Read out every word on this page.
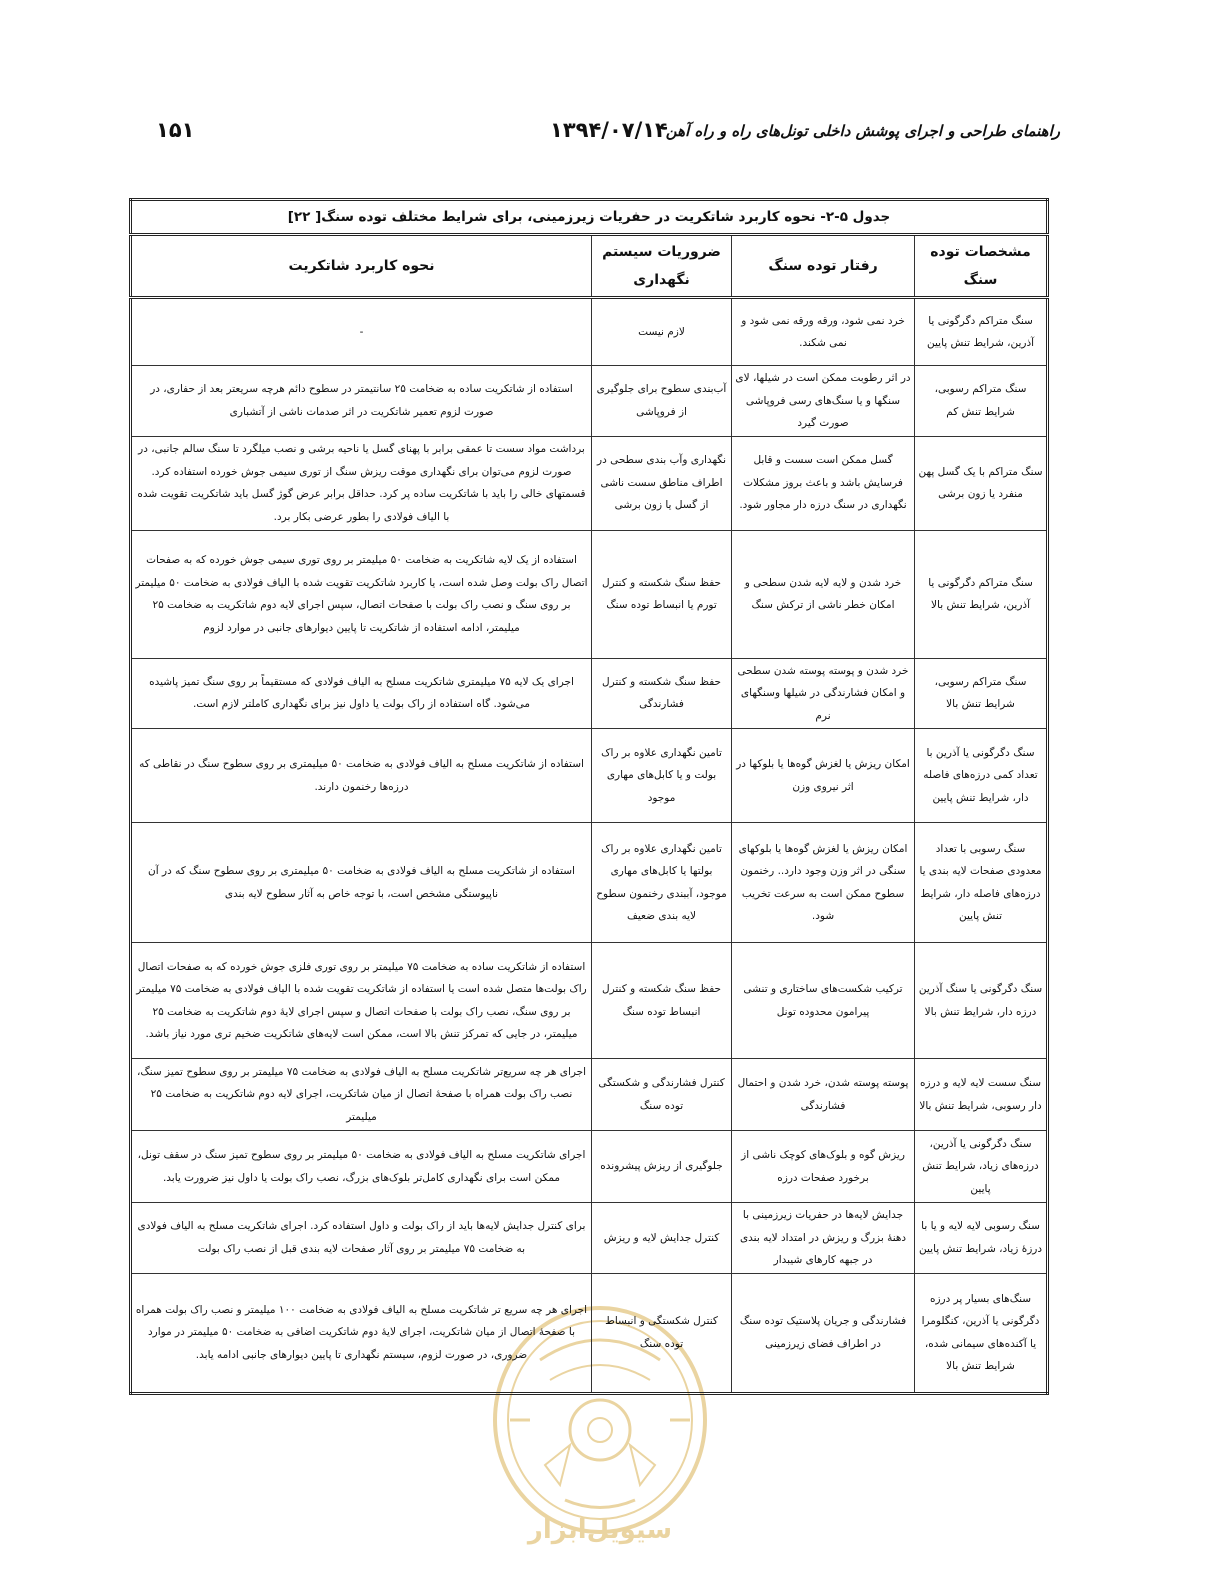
راهنمای طراحی و اجرای پوشش داخلی تونل‌های راه و راه آهن
۱۳۹۴/۰۷/۱۴
۱۵۱
سیویل‌ابزار
جدول ۵-۲- نحوه کاربرد شاتکریت در حفریات زیرزمینی، برای شرایط مختلف توده سنگ[ ۲۲]			
مشخصات توده سنگ	رفتار توده سنگ	ضروریات سیستم نگهداری	نحوه کاربرد شاتکریت
سنگ متراکم دگرگونی یا آذرین، شرایط تنش پایین	خرد نمی شود، ورقه ورقه نمی شود و نمی شکند.	لازم نیست	-
سنگ متراکم رسوبی، شرایط تنش کم	در اثر رطوبت ممکن است در شیلها، لای سنگها و یا سنگ‌های رسی فروپاشی صورت گیرد	آب‌بندی سطوح برای جلوگیری از فروپاشی	استفاده از شاتکریت ساده به ضخامت ۲۵ سانتیمتر در سطوح دائم هرچه سریعتر بعد از حفاری، در صورت لزوم تعمیر شاتکریت در اثر صدمات ناشی از آتشباری
سنگ متراکم با یک گسل پهن منفرد یا زون برشی	گسل ممکن است سست و قابل فرسایش باشد و باعث بروز مشکلات نگهداری در سنگ درزه دار مجاور شود.	نگهداری وآب بندی سطحی در اطراف مناطق سست ناشی از گسل یا زون برشی	برداشت مواد سست تا عمقی برابر با پهنای گسل یا ناحیه برشی و نصب میلگرد تا سنگ سالم جانبی، در صورت لزوم می‌توان برای نگهداری موقت ریزش سنگ از توری سیمی جوش خورده استفاده کرد. قسمتهای خالی را باید با شاتکریت ساده پر کرد. حداقل برابر عرض گوژ گسل باید شاتکریت تقویت شده با الیاف فولادی را بطور عرضی بکار برد.
سنگ متراکم دگرگونی یا آذرین، شرایط تنش بالا	خرد شدن و لایه لایه شدن سطحی و امکان خطر ناشی از ترکش سنگ	حفظ سنگ شکسته و کنترل تورم یا انبساط توده سنگ	استفاده از یک لایه شاتکریت به ضخامت ۵۰ میلیمتر بر روی توری سیمی جوش خورده که به صفحات اتصال راک بولت وصل شده است، یا کاربرد شاتکریت تقویت شده با الیاف فولادی به ضخامت ۵۰ میلیمتر بر روی سنگ و نصب راک بولت با صفحات اتصال، سپس اجرای لایه دوم شاتکریت به ضخامت ۲۵ میلیمتر، ادامه استفاده از شاتکریت تا پایین دیوارهای جانبی در موارد لزوم
سنگ متراکم رسوبی، شرایط تنش بالا	خرد شدن و پوسته پوسته شدن سطحی و امکان فشارندگی در شیلها وسنگهای نرم	حفظ سنگ شکسته و کنترل فشارندگی	اجرای یک لایه ۷۵ میلیمتری شاتکریت مسلح به الیاف فولادی که مستقیماً بر روی سنگ تمیز پاشیده می‌شود. گاه استفاده از راک بولت یا داول نیز برای نگهداری کاملتر لازم است.
سنگ دگرگونی یا آذرین با تعداد کمی درزه‌های فاصله دار، شرایط تنش پایین	امکان ریزش یا لغزش گوه‌ها یا بلوکها در اثر نیروی وزن	تامین نگهداری علاوه بر راک بولت و یا کابل‌های مهاری موجود	استفاده از شاتکریت مسلح به الیاف فولادی به ضخامت ۵۰ میلیمتری بر روی سطوح سنگ در نقاطی که درزه‌ها رخنمون دارند.
سنگ رسوبی با تعداد معدودی صفحات لایه بندی یا درزه‌های فاصله دار، شرایط تنش پایین	امکان ریزش یا لغزش گوه‌ها یا بلوکهای سنگی در اثر وزن وجود دارد.. رخنمون سطوح ممکن است به سرعت تخریب شود.	تامین نگهداری علاوه بر راک بولتها یا کابل‌های مهاری موجود، آببندی رخنمون سطوح لایه بندی ضعیف	استفاده از شاتکریت مسلح به الیاف فولادی به ضخامت ۵۰ میلیمتری بر روی سطوح سنگ که در آن ناپیوستگی مشخص است، با توجه خاص به آثار سطوح لایه بندی
سنگ دگرگونی یا سنگ آذرین درزه دار، شرایط تنش بالا	ترکیب شکست‌های ساختاری و تنشی پیرامون محدوده تونل	حفظ سنگ شکسته و کنترل انبساط توده سنگ	استفاده از شاتکریت ساده به ضخامت ۷۵ میلیمتر بر روی توری فلزی جوش خورده که به صفحات اتصال راک بولت‌ها متصل شده است یا استفاده از شاتکریت تقویت شده با الیاف فولادی به ضخامت ۷۵ میلیمتر بر روی سنگ، نصب راک بولت با صفحات اتصال و سپس اجرای لایۀ دوم شاتکریت به ضخامت ۲۵ میلیمتر، در جایی که تمرکز تنش بالا است، ممکن است لایه‌های شاتکریت ضخیم تری مورد نیاز باشد.
سنگ سست لایه لایه و درزه دار رسوبی، شرایط تنش بالا	پوسته پوسته شدن، خرد شدن و احتمال فشارندگی	کنترل فشارندگی و شکستگی توده سنگ	اجرای هر چه سریع‌تر شاتکریت مسلح به الیاف فولادی به ضخامت ۷۵ میلیمتر بر روی سطوح تمیز سنگ، نصب راک بولت همراه با صفحۀ اتصال از میان شاتکریت، اجرای لایه دوم شاتکریت به ضخامت ۲۵ میلیمتر
سنگ دگرگونی یا آذرین، درزه‌های زیاد، شرایط تنش پایین	ریزش گوه و بلوک‌های کوچک ناشی از برخورد صفحات درزه	جلوگیری از ریزش پیشرونده	اجرای شاتکریت مسلح به الیاف فولادی به ضخامت ۵۰ میلیمتر بر روی سطوح تمیز سنگ در سقف تونل، ممکن است برای نگهداری کامل‌تر بلوک‌های بزرگ، نصب راک بولت یا داول نیز ضرورت یابد.
سنگ رسوبی لایه لایه و یا با درزۀ زیاد، شرایط تنش پایین	جدایش لایه‌ها در حفریات زیرزمینی با دهنۀ بزرگ و ریزش در امتداد لایه بندی در جبهه کارهای شیبدار	کنترل جدایش لایه و ریزش	برای کنترل جدایش لایه‌ها باید از راک بولت و داول استفاده کرد. اجرای شاتکریت مسلح به الیاف فولادی به ضخامت ۷۵ میلیمتر بر روی آثار صفحات لایه بندی قبل از نصب راک بولت
سنگ‌های بسیار پر درزه دگرگونی یا آذرین، کنگلومرا یا آکنده‌های سیمانی شده، شرایط تنش بالا	فشارندگی و جریان پلاستیک توده سنگ در اطراف فضای زیرزمینی	کنترل شکستگی و انبساط توده سنگ	اجرای هر چه سریع تر شاتکریت مسلح به الیاف فولادی به ضخامت ۱۰۰ میلیمتر و نصب راک بولت همراه با صفحۀ اتصال از میان شاتکریت، اجرای لایۀ دوم شاتکریت اضافی به ضخامت ۵۰ میلیمتر در موارد ضروری، در صورت لزوم، سیستم نگهداری تا پایین دیوارهای جانبی ادامه یابد.
